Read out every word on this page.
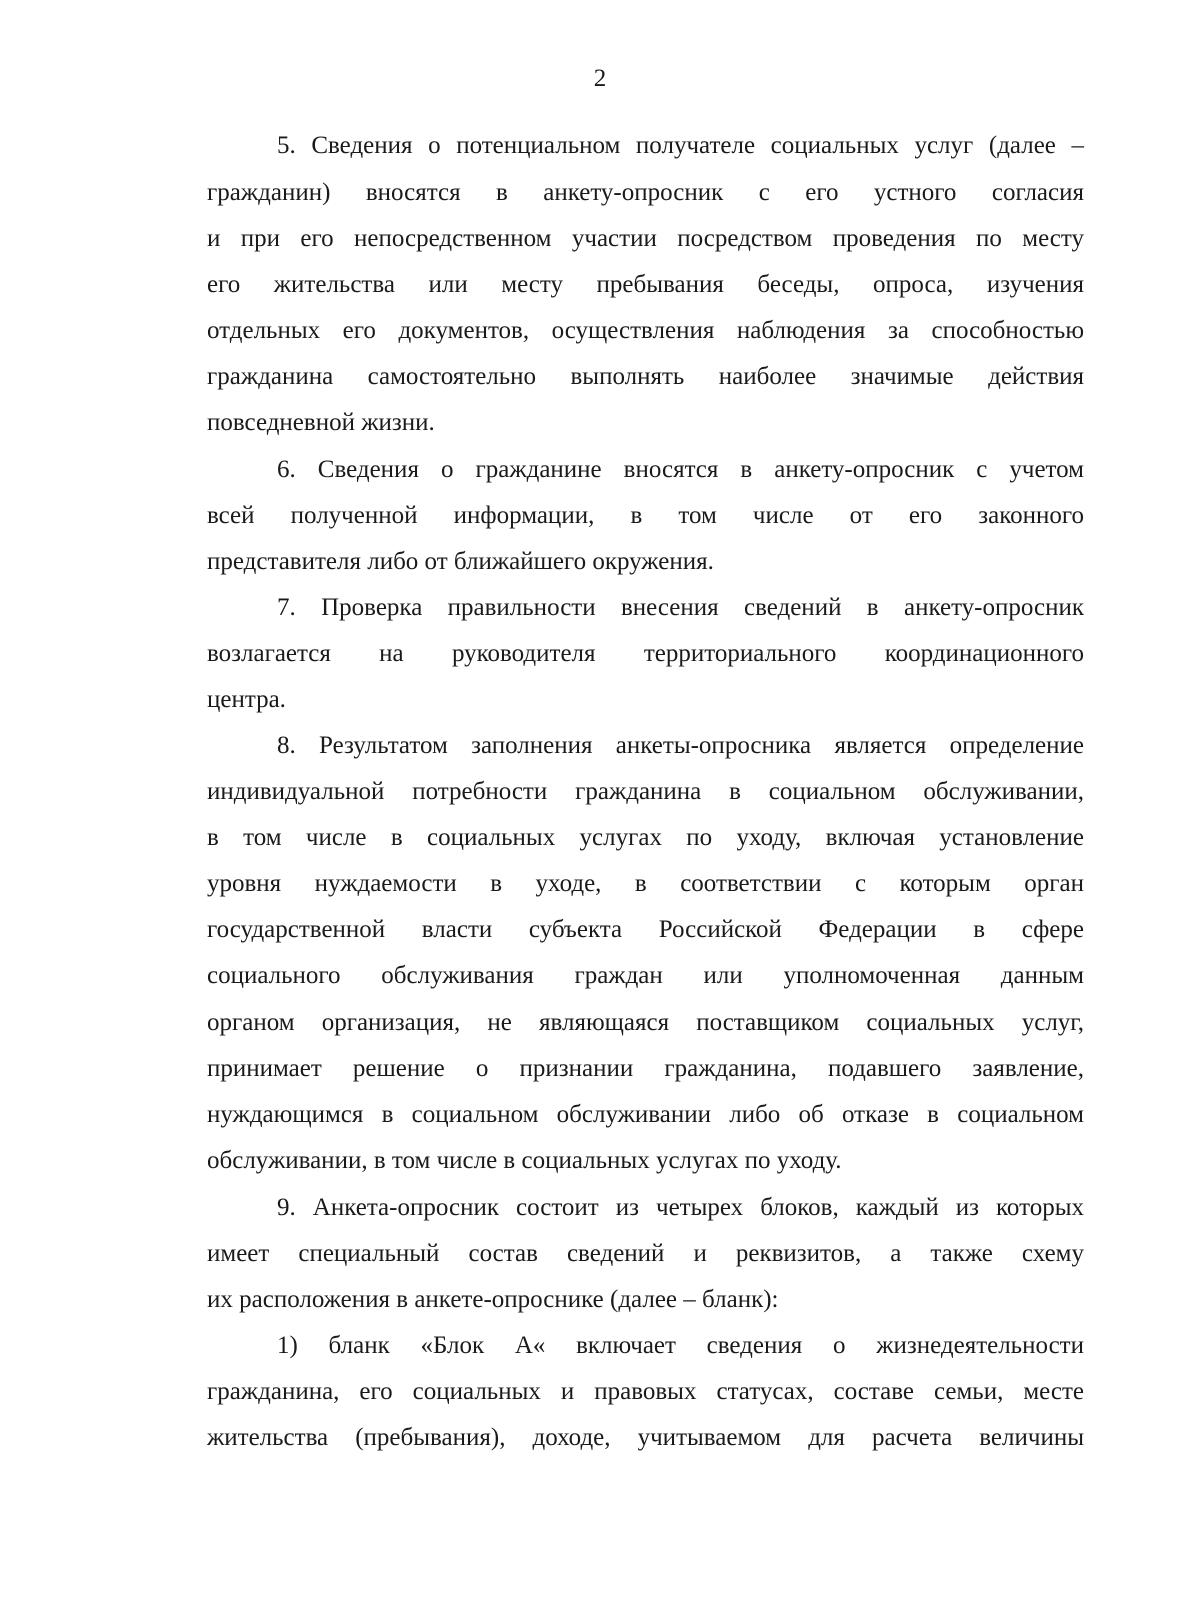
2
5. Сведения о потенциальном получателе социальных услуг (далее –
гражданин) вносятся в анкету-опросник с его устного согласия
и при его непосредственном участии посредством проведения по месту
его жительства или месту пребывания беседы, опроса, изучения
отдельных его документов, осуществления наблюдения за способностью
гражданина самостоятельно выполнять наиболее значимые действия
повседневной жизни.
6. Сведения о гражданине вносятся в анкету-опросник с учетом
всей полученной информации, в том числе от его законного
представителя либо от ближайшего окружения.
7. Проверка правильности внесения сведений в анкету-опросник
возлагается на руководителя территориального координационного
центра.
8. Результатом заполнения анкеты-опросника является определение
индивидуальной потребности гражданина в социальном обслуживании,
в том числе в социальных услугах по уходу, включая установление
уровня нуждаемости в уходе, в соответствии с которым орган
государственной власти субъекта Российской Федерации в сфере
социального обслуживания граждан или уполномоченная данным
органом организация, не являющаяся поставщиком социальных услуг,
принимает решение о признании гражданина, подавшего заявление,
нуждающимся в социальном обслуживании либо об отказе в социальном
обслуживании, в том числе в социальных услугах по уходу.
9. Анкета-опросник состоит из четырех блоков, каждый из которых
имеет специальный состав сведений и реквизитов, а также схему
их расположения в анкете-опроснике (далее – бланк):
1) бланк «Блок А« включает сведения о жизнедеятельности
гражданина, его социальных и правовых статусах, составе семьи, месте
жительства (пребывания), доходе, учитываемом для расчета величины
